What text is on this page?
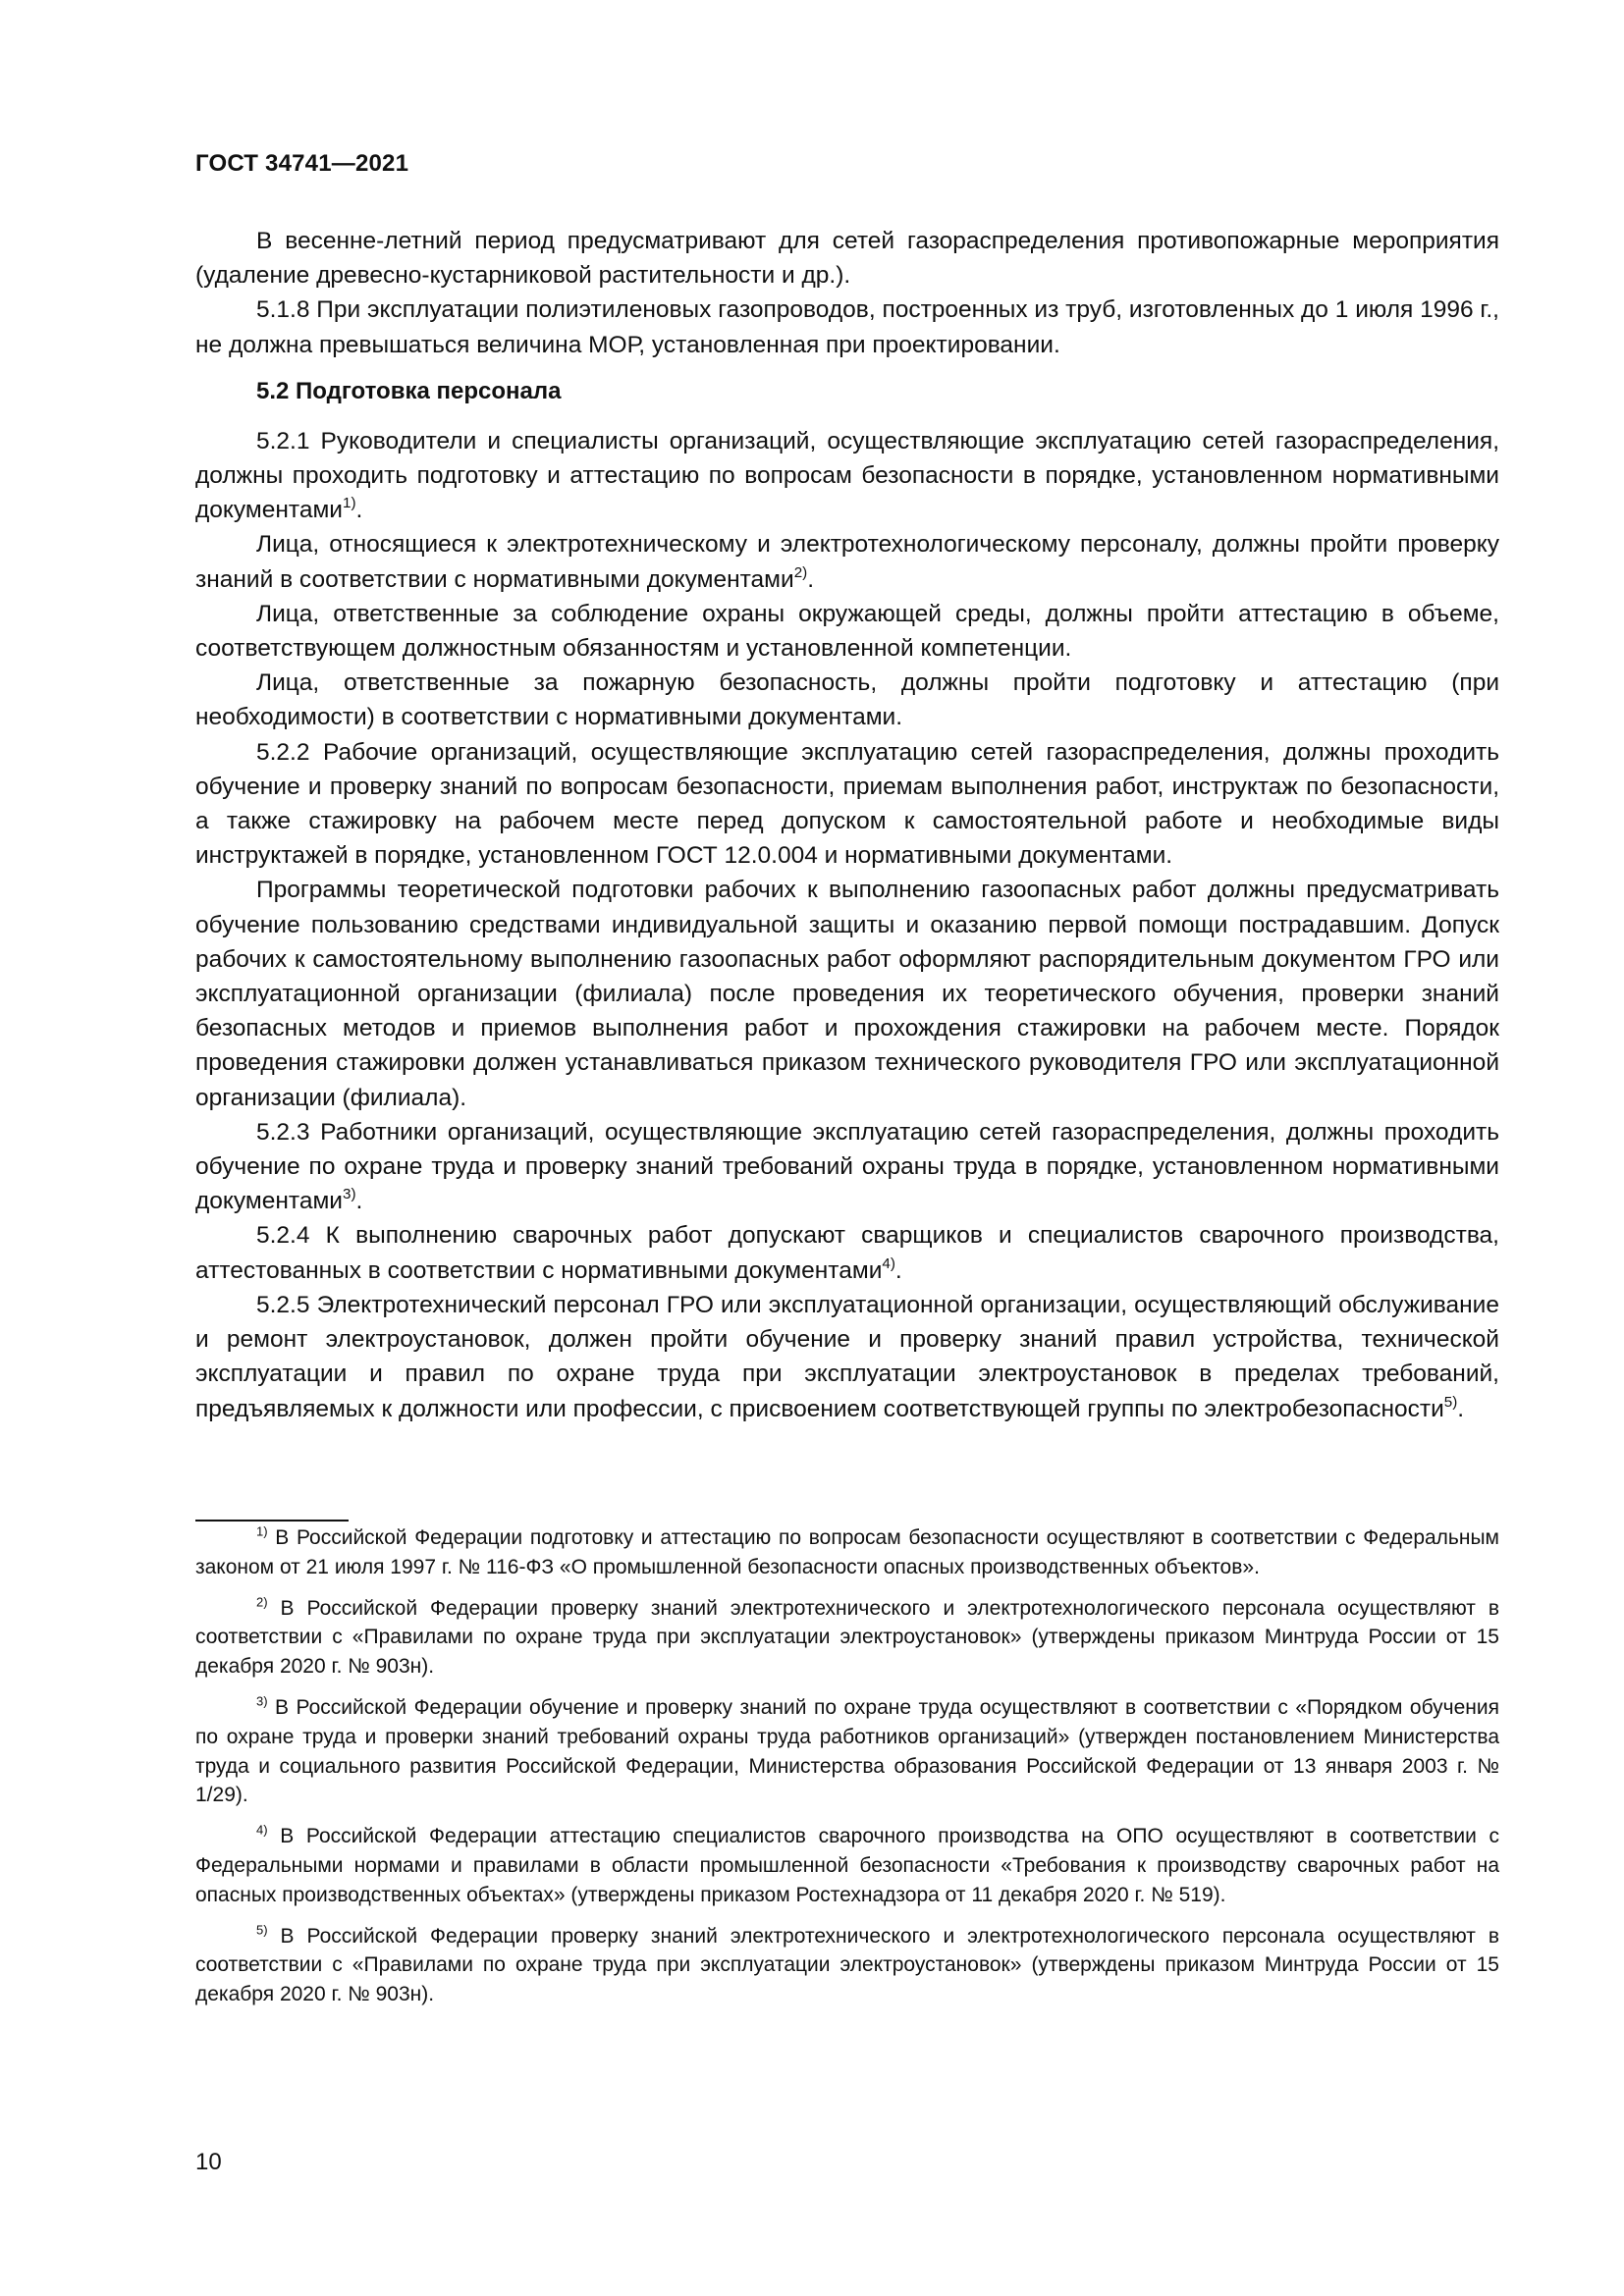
ГОСТ 34741—2021

В весенне-летний период предусматривают для сетей газораспределения противопожарные мероприятия (удаление древесно-кустарниковой растительности и др.).

5.1.8 При эксплуатации полиэтиленовых газопроводов, построенных из труб, изготовленных до 1 июля 1996 г., не должна превышаться величина МОР, установленная при проектировании.

5.2 Подготовка персонала

5.2.1 Руководители и специалисты организаций, осуществляющие эксплуатацию сетей газораспределения, должны проходить подготовку и аттестацию по вопросам безопасности в порядке, установленном нормативными документами$^{1)}$.

Лица, относящиеся к электротехническому и электротехнологическому персоналу, должны пройти проверку знаний в соответствии с нормативными документами$^{2)}$.

Лица, ответственные за соблюдение охраны окружающей среды, должны пройти аттестацию в объеме, соответствующем должностным обязанностям и установленной компетенции.

Лица, ответственные за пожарную безопасность, должны пройти подготовку и аттестацию (при необходимости) в соответствии с нормативными документами.

5.2.2 Рабочие организаций, осуществляющие эксплуатацию сетей газораспределения, должны проходить обучение и проверку знаний по вопросам безопасности, приемам выполнения работ, инструктаж по безопасности, а также стажировку на рабочем месте перед допуском к самостоятельной работе и необходимые виды инструктажей в порядке, установленном ГОСТ 12.0.004 и нормативными документами.

Программы теоретической подготовки рабочих к выполнению газоопасных работ должны предусматривать обучение пользованию средствами индивидуальной защиты и оказанию первой помощи пострадавшим. Допуск рабочих к самостоятельному выполнению газоопасных работ оформляют распорядительным документом ГРО или эксплуатационной организации (филиала) после проведения их теоретического обучения, проверки знаний безопасных методов и приемов выполнения работ и прохождения стажировки на рабочем месте. Порядок проведения стажировки должен устанавливаться приказом технического руководителя ГРО или эксплуатационной организации (филиала).

5.2.3 Работники организаций, осуществляющие эксплуатацию сетей газораспределения, должны проходить обучение по охране труда и проверку знаний требований охраны труда в порядке, установленном нормативными документами$^{3)}$.

5.2.4 К выполнению сварочных работ допускают сварщиков и специалистов сварочного производства, аттестованных в соответствии с нормативными документами$^{4)}$.

5.2.5 Электротехнический персонал ГРО или эксплуатационной организации, осуществляющий обслуживание и ремонт электроустановок, должен пройти обучение и проверку знаний правил устройства, технической эксплуатации и правил по охране труда при эксплуатации электроустановок в пределах требований, предъявляемых к должности или профессии, с присвоением соответствующей группы по электробезопасности$^{5)}$.

$^{1)}$ В Российской Федерации подготовку и аттестацию по вопросам безопасности осуществляют в соответствии с Федеральным законом от 21 июля 1997 г. № 116-ФЗ «О промышленной безопасности опасных производственных объектов».

$^{2)}$ В Российской Федерации проверку знаний электротехнического и электротехнологического персонала осуществляют в соответствии с «Правилами по охране труда при эксплуатации электроустановок» (утверждены приказом Минтруда России от 15 декабря 2020 г. № 903н).

$^{3)}$ В Российской Федерации обучение и проверку знаний по охране труда осуществляют в соответствии с «Порядком обучения по охране труда и проверки знаний требований охраны труда работников организаций» (утвержден постановлением Министерства труда и социального развития Российской Федерации, Министерства образования Российской Федерации от 13 января 2003 г. № 1/29).

$^{4)}$ В Российской Федерации аттестацию специалистов сварочного производства на ОПО осуществляют в соответствии с Федеральными нормами и правилами в области промышленной безопасности «Требования к производству сварочных работ на опасных производственных объектах» (утверждены приказом Ростехнадзора от 11 декабря 2020 г. № 519).

$^{5)}$ В Российской Федерации проверку знаний электротехнического и электротехнологического персонала осуществляют в соответствии с «Правилами по охране труда при эксплуатации электроустановок» (утверждены приказом Минтруда России от 15 декабря 2020 г. № 903н).

10
